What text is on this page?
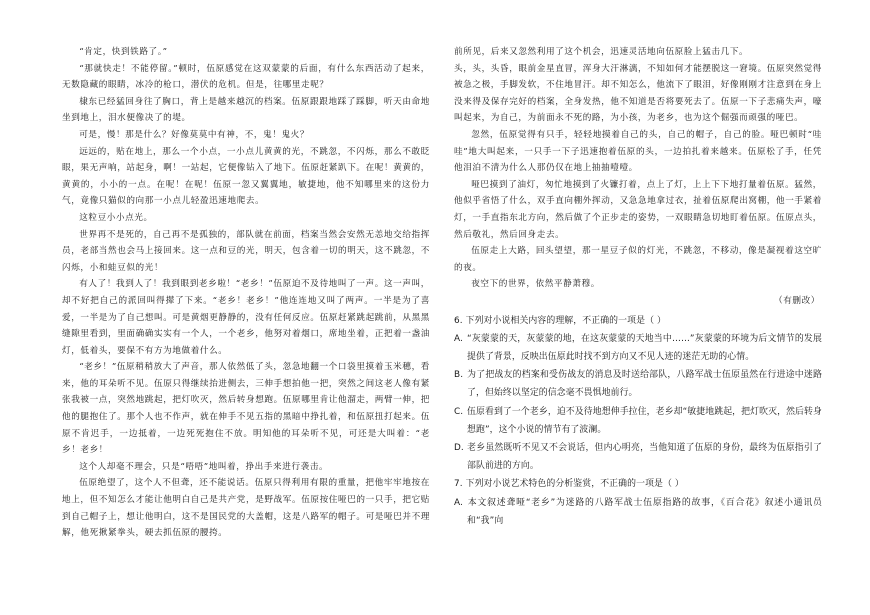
“肯定，快到铁路了。”

“那就快走！不能停留。”顿时，伍原感觉在这双蒙蒙的后面，有什么东西活动了起来，无数隐藏的眼睛，冰冷的枪口，潜伏的危机。但是，往哪里走呢？

棣东已经猛回身往了胸口，背上是越来越沉的档案。伍原跟跟地踩了踩脚，听天由命地坐到地上，泪水便像决了的堤。

可是，慢！那是什么？好像莫莫中有神，不，鬼！鬼火？

远远的，贴在地上，那么一个小点，一小点儿黄黄的光，不跳忽，不闪烁，那么不敢眨眼，果无声响，站起身，啊！一站起，它便像钻入了地下。伍原赶紧趴下。在呢！黄黄的，黄黄的，小小的一点。在呢！在呢！伍原一忽又翼翼地，敏捷地，他不知哪里来的这份力气，竟像只猫似的向那一小点儿轻盈迅速地爬去。

这粒豆小小点光。

世界再不是死的，自己再不是孤独的，部队就在前面，档案当然会安然无恙地交给指挥员，老部当然也会马上接回来。这一点和豆的光，明天，包含着一切的明天，这不跳忽，不闪烁，小和蛙豆似的光！

有人了！我到人了！我到眼到老乡啦！“老乡！”伍原迫不及待地叫了一声。这一声叫，却不好把自己的派回叫得撵了下来。“老乡！老乡！”他连连地又叫了两声。一半是为了喜爱，一半是为了自己想叫。可是黄烟更静静的，没有任何反应。伍原赶紧跳起跳前，从黑黑缝隙里看到，里面确确实实有一个人，一个老乡，他努对着烟口，席地坐着，正把着一盏油灯，低着头，要保不有方为地做着什么。

“老乡！”伍原稍稍放大了声音，那人依然低了头，忽急地翻一个口袋里摸着玉米穗，看来，他的耳朵听不见。伍原只得继续抬进侧去，三伸手想拍他一把，突然之间这老人像有紧张我被一点，突然地跳起，把灯吹灭，然后转身想跑。伍原哪里肯让他溜走，两臂一伸，把他的腿抱住了。那个人也不作声，就在伸手不见五指的黑暗中挣扎着，和伍原扭打起来。伍原不肯迟手，一边抵着，一边死死抱住不放。明知他的耳朵听不见，可还是大叫着：“老乡！老乡！

这个人却毫不理会，只是“唔唔”地叫着，挣出手来进行袭击。

伍原绝望了，这个人不但聋，还不能说话。伍原只得利用有限的重量，把他牢牢地按在地上，但不知怎么才能让他明白自己是共产党，是野战军。伍原按住哑巴的一只手，把它贴到自己帽子上，想让他明白，这不是国民党的大盖帽，这是八路军的帽子。可是哑巴并不理解，他死揪紧拳头，硬去抓伍原的腰挎。

前所见，后来又忽然利用了这个机会，迅速灵活地向伍原脸上猛击几下。

头，头，头昏，眼前金星直冒，浑身大汗淋漓，不知如何才能摆脱这一窘境。伍原突然觉得被急之极，手脚发软，不住地冒汗。却不知怎么，他流下了眼泪，好像刚刚才注意到在身上没来得及保存完好的档案，全身发热，他不知道是否将要死去了。伍原一下子悲痛失声，嚎叫起来，为自己，为前面永不死的路，为小孩，为老乡，也为这个倔强而顽强的哑巴。

忽然，伍原觉得有只手，轻轻地摸着自己的头，自己的帽子，自己的脸。哑巴顿时“哇哇”地大叫起来，一只手一下子迅速抱着伍原的头，一边拍扎着来越来。伍原松了手，任凭他泪泊不清为什么人那仍仅在地上抽抽噎噎。

哑巴摸到了油灯，匆忙地摸到了火镰打着，点上了灯，上上下下地打量着伍原。猛然，他似乎省悟了什么，双手直向棚外挥动，又急急地拿过衣，扯着伍原爬出窝棚，他一手紧着灯，一手直指东北方向，然后做了个正步走的姿势，一双眼睛急切地盯着伍原。伍原点头，然后敬礼，然后回身走去。

伍原走上大路，回头望望，那一星豆子似的灯光，不跳忽，不移动，像是凝视着这空旷的夜。

夜空下的世界，依然平静萧穆。

（有删改）

6. 下列对小说相关内容的理解，不正确的一项是（ ）

A. “灰蒙蒙的天，灰蒙蒙的地，在这灰蒙蒙的天地当中……”灰蒙蒙的环境为后文情节的发展提供了背景，反映出伍原此时找不到方向又不见人迹的迷茫无助的心情。

B. 为了把战友的档案和受伤战友的消息及时送给部队，八路军战士伍原虽然在行进途中迷路了，但始终以坚定的信念毫不畏惧地前行。

C. 伍原看到了一个老乡，迫不及待地想伸手拉住，老乡却“敏捷地跳起，把灯吹灭，然后转身想跑”，这个小说的情节有了波澜。

D. 老乡虽然既听不见又不会说话，但内心明亮，当他知道了伍原的身份，最终为伍原指引了部队前进的方向。

7. 下列对小说艺术特色的分析鉴赏，不正确的一项是（ ）

A. 本文叙述聋哑“老乡”为迷路的八路军战士伍原指路的故事，《百合花》叙述小通讯员和“我”向
